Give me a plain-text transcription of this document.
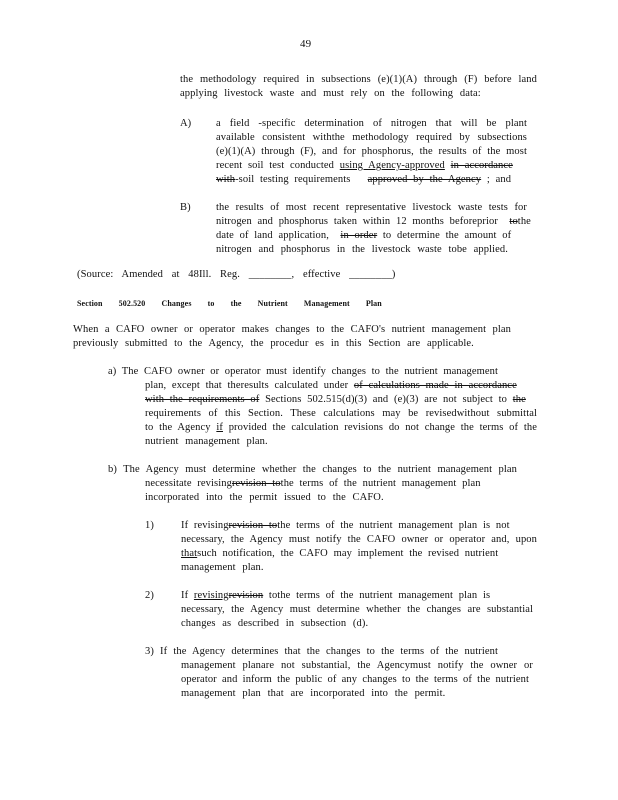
49
the methodology required in subsections (e)(1)(A) through (F) before land
applying livestock waste and must rely on the following data:
A) a field -specific determination of nitrogen that will be plant
available consistent withthe methodology required by subsections
(e)(1)(A) through (F), and for phosphorus, the results of the most
recent soil test conducted using Agency-approved in accordance
with-soil testing requirements approved by the Agency ; and
B) the results of most recent representative livestock waste tests for
nitrogen and phosphorus taken within 12 months beforeprior tothe
date of land application, in order to determine the amount of
nitrogen and phosphorus in the livestock waste tobe applied.
(Source: Amended at 48Ill. Reg. ________, effective ________)
Section 502.520 Changes to the Nutrient Management Plan
When a CAFO owner or operator makes changes to the CAFO's nutrient management plan
previously submitted to the Agency, the procedur es in this Section are applicable.
a) The CAFO owner or operator must identify changes to the nutrient management
plan, except that theresults calculated under of calculations made in accordance
with the requirements of Sections 502.515(d)(3) and (e)(3) are not subject to the
requirements of this Section. These calculations may be revisedwithout submittal
to the Agency if provided the calculation revisions do not change the terms of the
nutrient management plan.
b) The Agency must determine whether the changes to the nutrient management plan
necessitate revisingrevision tothe terms of the nutrient management plan
incorporated into the permit issued to the CAFO.
1)	If revisingrevision tothe terms of the nutrient management plan is not
necessary, the Agency must notify the CAFO owner or operator and, upon
thatsuch notification, the CAFO may implement the revised nutrient
management plan.
2)	If revisingrevision tothe terms of the nutrient management plan is
necessary, the Agency must determine whether the changes are substantial
changes as described in subsection (d).
3) If the Agency determines that the changes to the terms of the nutrient
management planare not substantial, the Agencymust notify the owner or
operator and inform the public of any changes to the terms of the nutrient
management plan that are incorporated into the permit.
